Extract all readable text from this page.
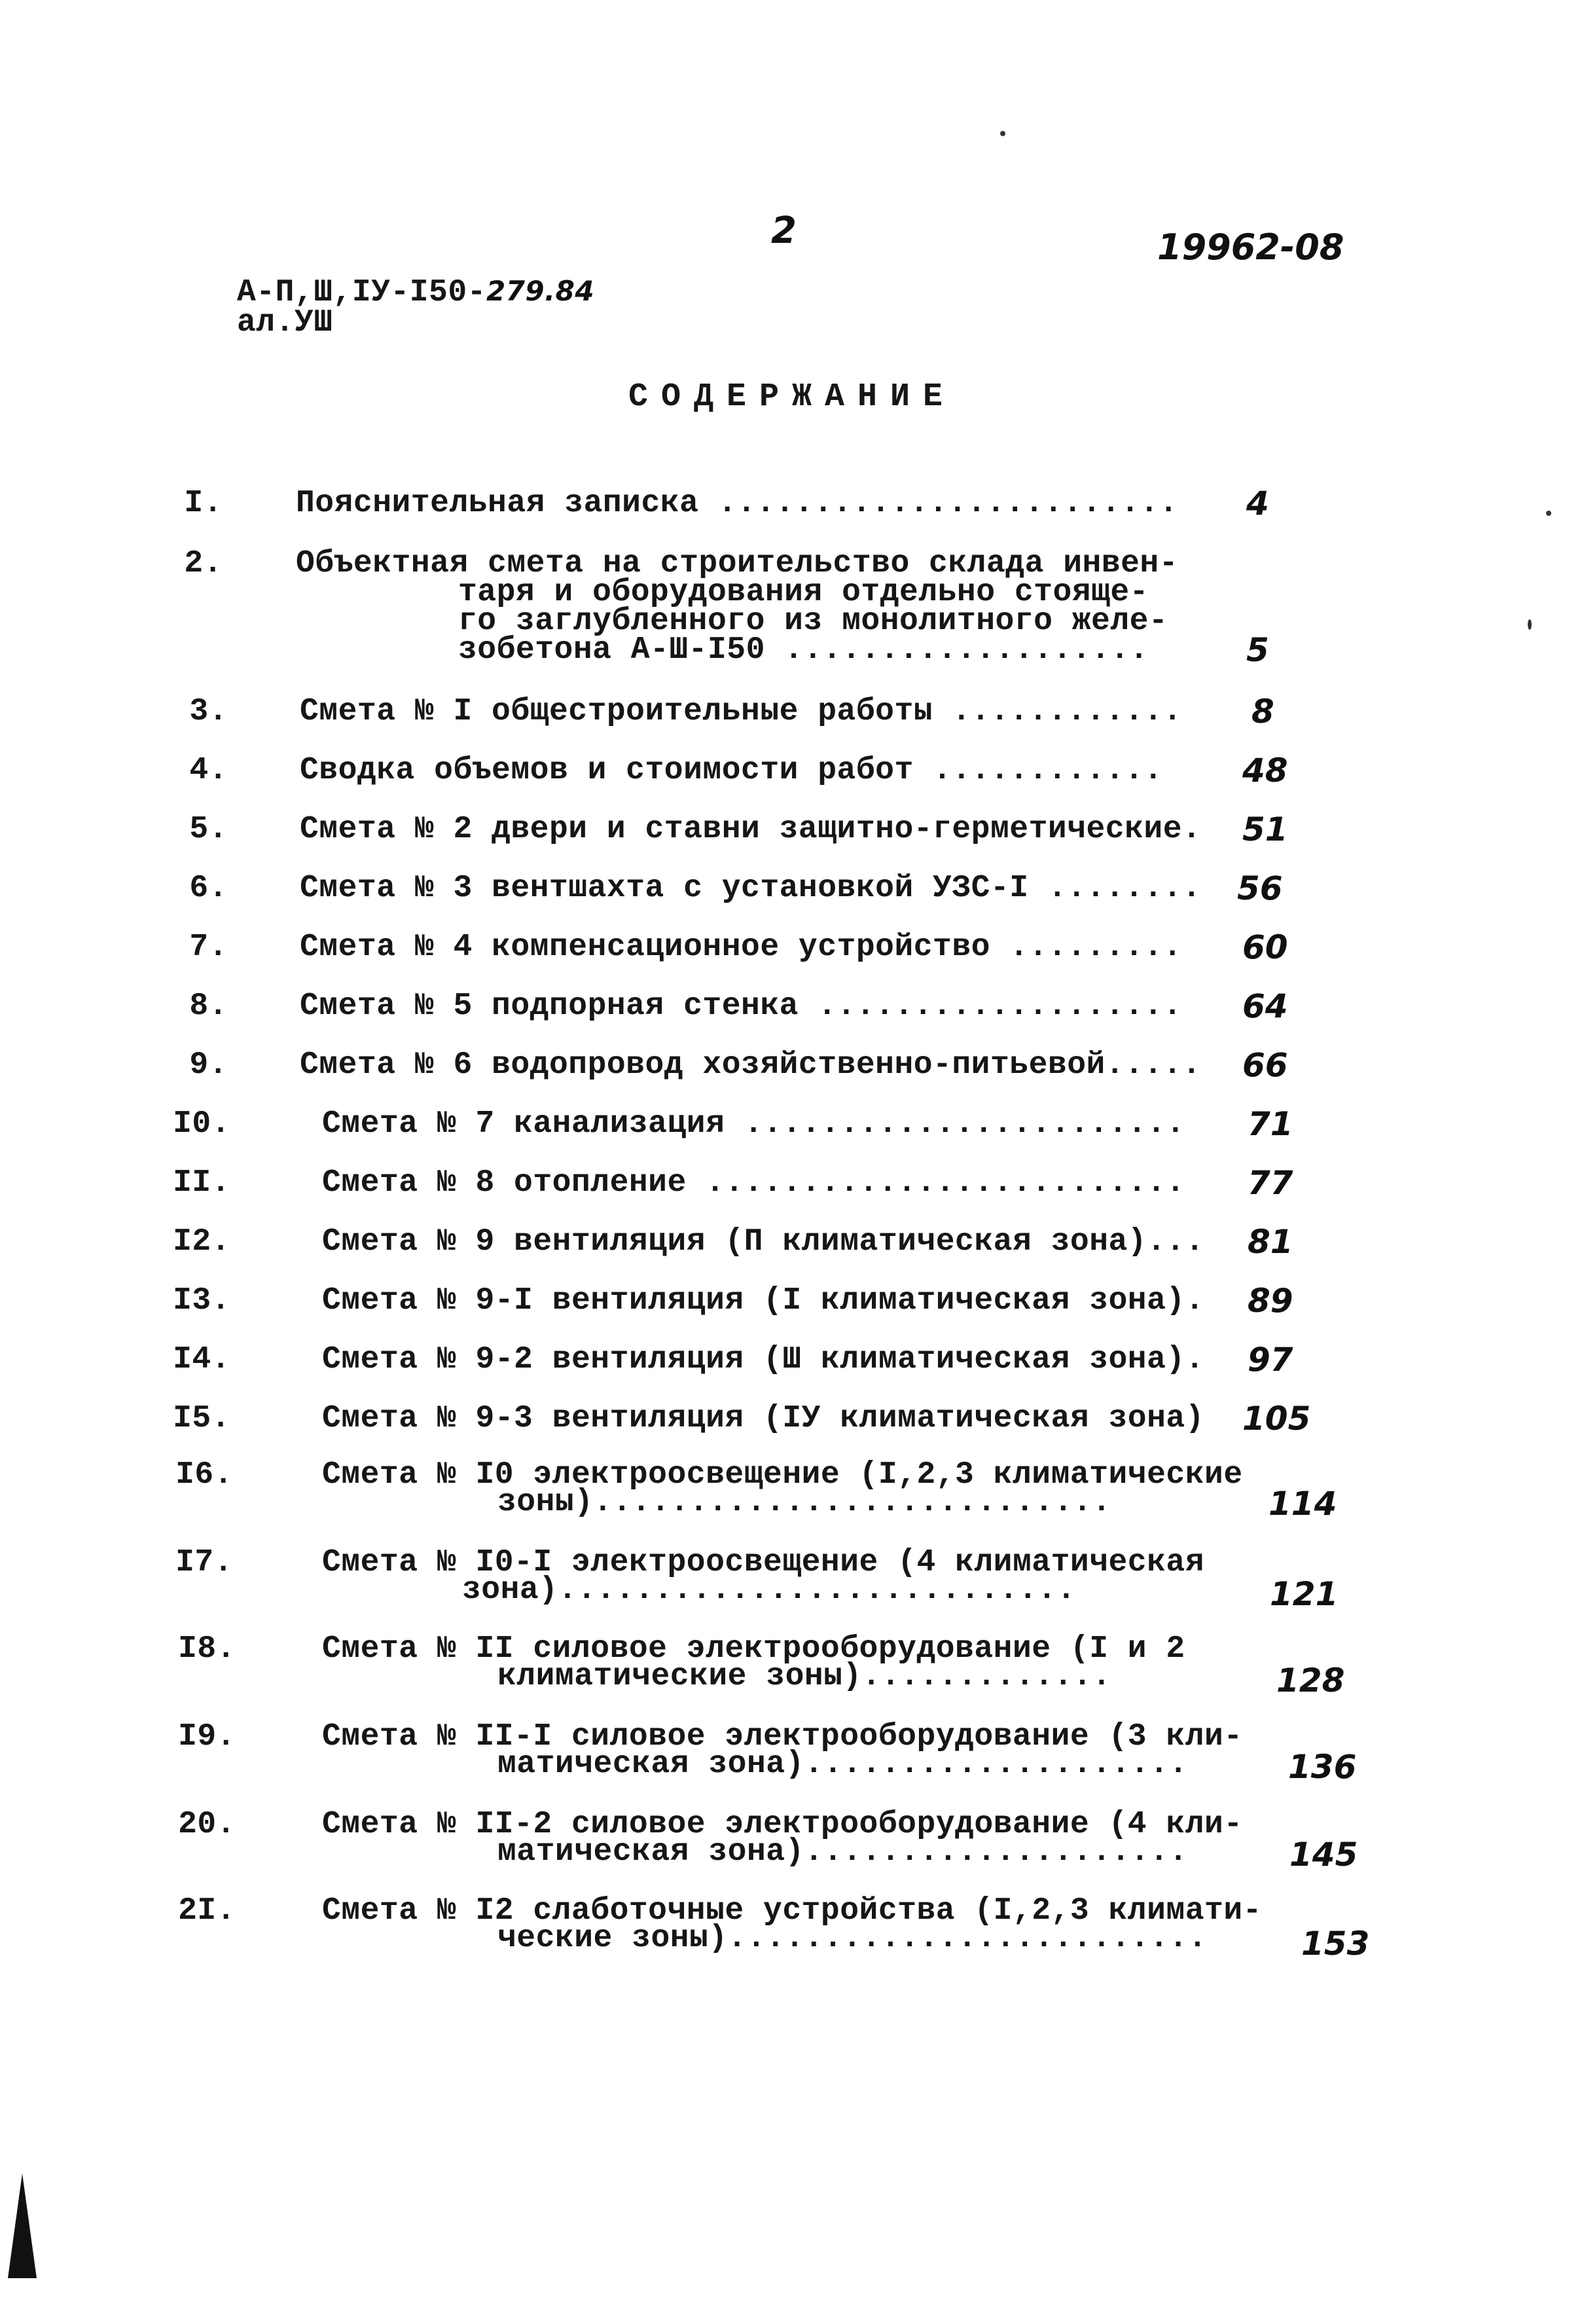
2	19962-08
А-П,Ш,IУ-I50-279.84
ал.УШ
СОДЕРЖАНИЕ
I. Пояснительная записка ........................ 4
2. Объектная смета на строительство склада инвен-
таря и оборудования отдельно стояще-
го заглубленного из монолитного желе-
зобетона А-Ш-I50 ...................	5
3. Смета № I общестроительные работы ............ 8
4. Сводка объемов и стоимости работ ............ 48
5. Смета № 2 двери и ставни защитно-герметические. 51
6. Смета № 3 вентшахта с установкой УЗС-I ........ 56
7. Смета № 4 компенсационное устройство ......... 60
8. Смета № 5 подпорная стенка ................... 64
9. Смета № 6 водопровод хозяйственно-питьевой..... 66
I0.	Смета № 7 канализация ....................... 71
II.	Смета № 8 отопление ......................... 77
I2.	Смета № 9 вентиляция (П климатическая зона)... 81
I3.	Смета № 9-I вентиляция (I климатическая зона). 89
I4.	Смета № 9-2 вентиляция (Ш климатическая зона). 97
I5.	Смета № 9-3 вентиляция (IУ климатическая зона) 105
I6.	Смета № I0 электроосвещение (I,2,3 климатические
зоны)...........................	114
I7.	Смета № I0-I электроосвещение (4 климатическая
зона)...........................	121
I8.	Смета № II силовое электрооборудование (I и 2
климатические зоны).............	128
I9.	Смета № II-I силовое электрооборудование (3 кли-
матическая зона)....................	136
20.	Смета № II-2 силовое электрооборудование (4 кли-
матическая зона)....................	145
2I.	Смета № I2 слаботочные устройства (I,2,3 климати-
ческие зоны).........................	153
